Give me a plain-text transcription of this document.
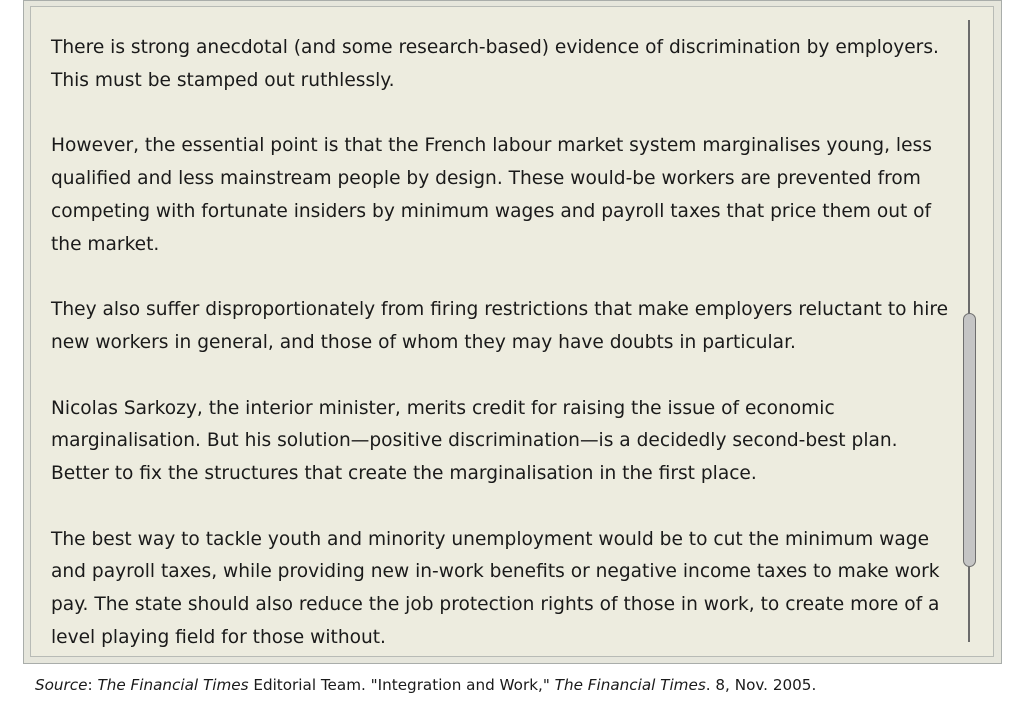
There is strong anecdotal (and some research-based) evidence of discrimination by employers. This must be stamped out ruthlessly.

However, the essential point is that the French labour market system marginalises young, less qualified and less mainstream people by design. These would-be workers are prevented from competing with fortunate insiders by minimum wages and payroll taxes that price them out of the market.

They also suffer disproportionately from firing restrictions that make employers reluctant to hire new workers in general, and those of whom they may have doubts in particular.

Nicolas Sarkozy, the interior minister, merits credit for raising the issue of economic marginalisation. But his solution—positive discrimination—is a decidedly second-best plan. Better to fix the structures that create the marginalisation in the first place.

The best way to tackle youth and minority unemployment would be to cut the minimum wage and payroll taxes, while providing new in-work benefits or negative income taxes to make work pay. The state should also reduce the job protection rights of those in work, to create more of a level playing field for those without.

Source: The Financial Times Editorial Team. "Integration and Work," The Financial Times. 8, Nov. 2005.
